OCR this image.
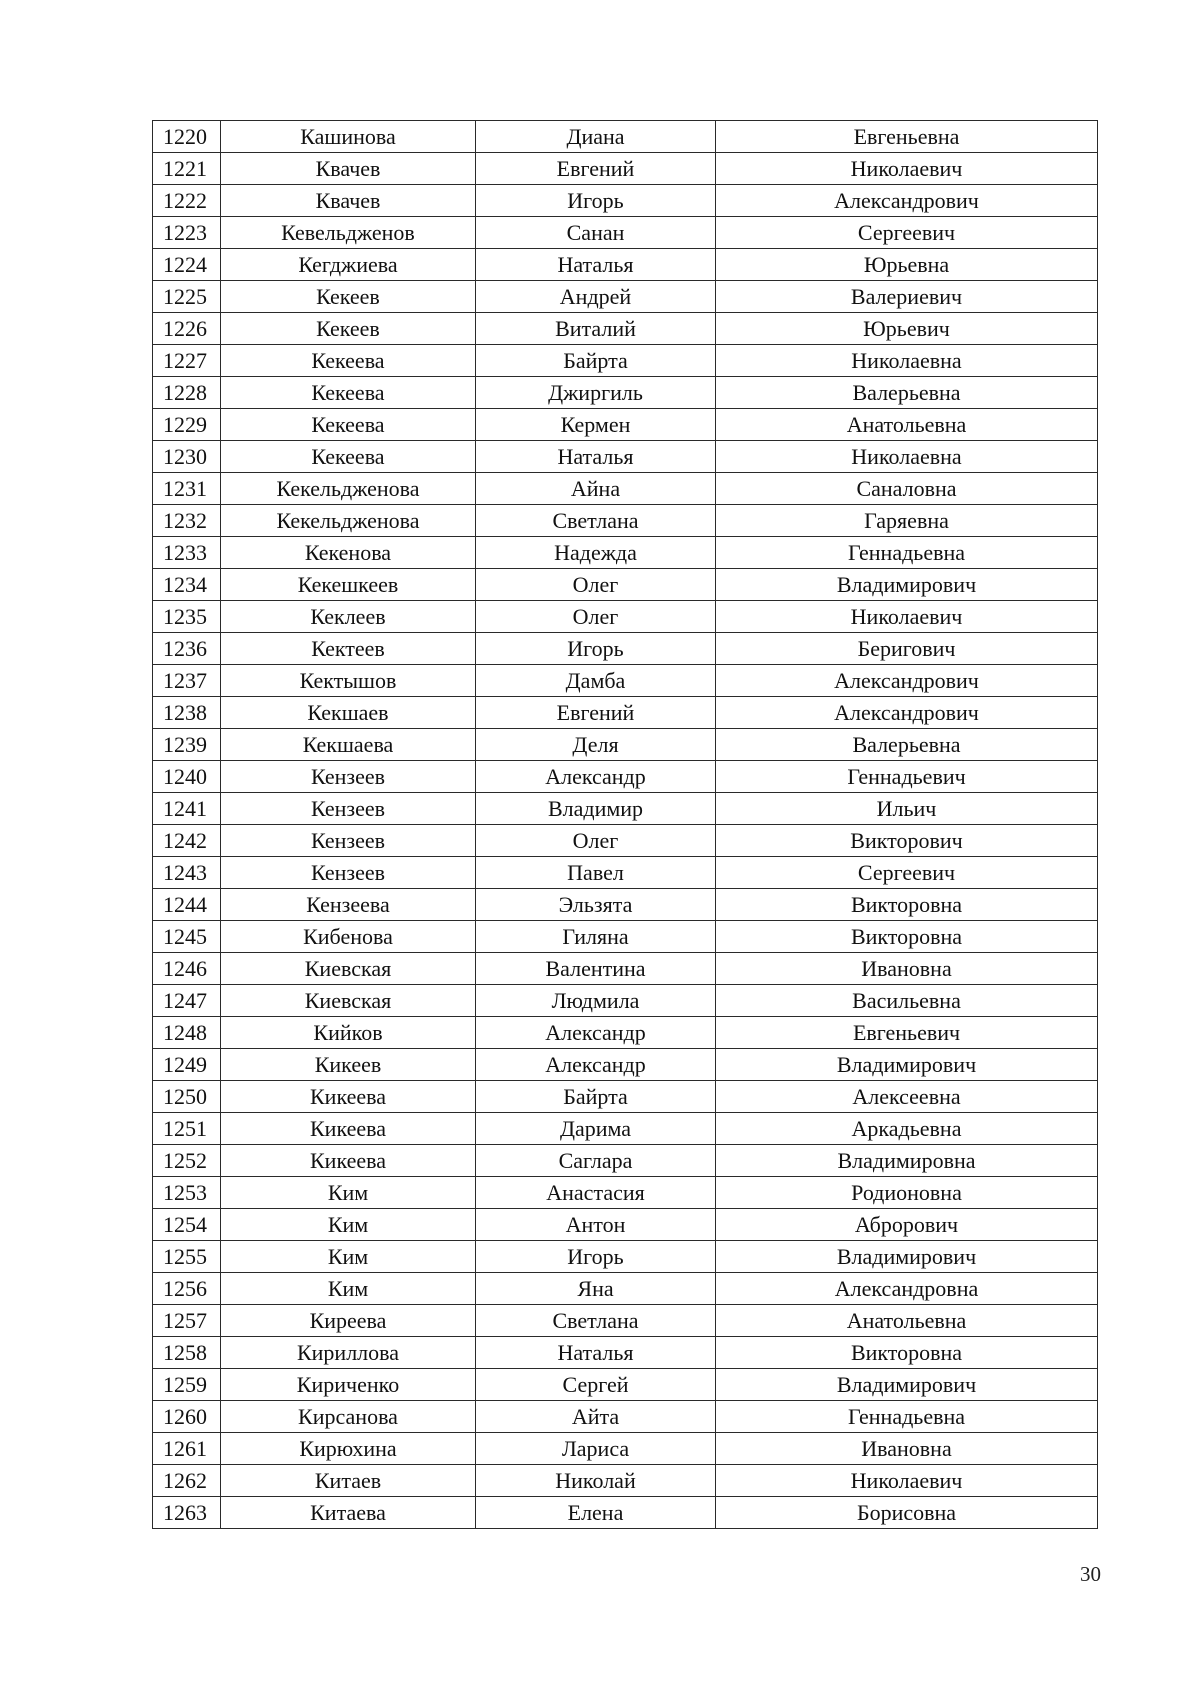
1220	Кашинова	Диана	Евгеньевна
1221	Квачев	Евгений	Николаевич
1222	Квачев	Игорь	Александрович
1223	Кевельдженов	Санан	Сергеевич
1224	Кегджиева	Наталья	Юрьевна
1225	Кекеев	Андрей	Валериевич
1226	Кекеев	Виталий	Юрьевич
1227	Кекеева	Байрта	Николаевна
1228	Кекеева	Джиргиль	Валерьевна
1229	Кекеева	Кермен	Анатольевна
1230	Кекеева	Наталья	Николаевна
1231	Кекельдженова	Айна	Саналовна
1232	Кекельдженова	Светлана	Гаряевна
1233	Кекенова	Надежда	Геннадьевна
1234	Кекешкеев	Олег	Владимирович
1235	Кеклеев	Олег	Николаевич
1236	Кектеев	Игорь	Беригович
1237	Кектышов	Дамба	Александрович
1238	Кекшаев	Евгений	Александрович
1239	Кекшаева	Деля	Валерьевна
1240	Кензеев	Александр	Геннадьевич
1241	Кензеев	Владимир	Ильич
1242	Кензеев	Олег	Викторович
1243	Кензеев	Павел	Сергеевич
1244	Кензеева	Эльзята	Викторовна
1245	Кибенова	Гиляна	Викторовна
1246	Киевская	Валентина	Ивановна
1247	Киевская	Людмила	Васильевна
1248	Кийков	Александр	Евгеньевич
1249	Кикеев	Александр	Владимирович
1250	Кикеева	Байрта	Алексеевна
1251	Кикеева	Дарима	Аркадьевна
1252	Кикеева	Саглара	Владимировна
1253	Ким	Анастасия	Родионовна
1254	Ким	Антон	Аброрович
1255	Ким	Игорь	Владимирович
1256	Ким	Яна	Александровна
1257	Киреева	Светлана	Анатольевна
1258	Кириллова	Наталья	Викторовна
1259	Кириченко	Сергей	Владимирович
1260	Кирсанова	Айта	Геннадьевна
1261	Кирюхина	Лариса	Ивановна
1262	Китаев	Николай	Николаевич
1263	Китаева	Елена	Борисовна
30
